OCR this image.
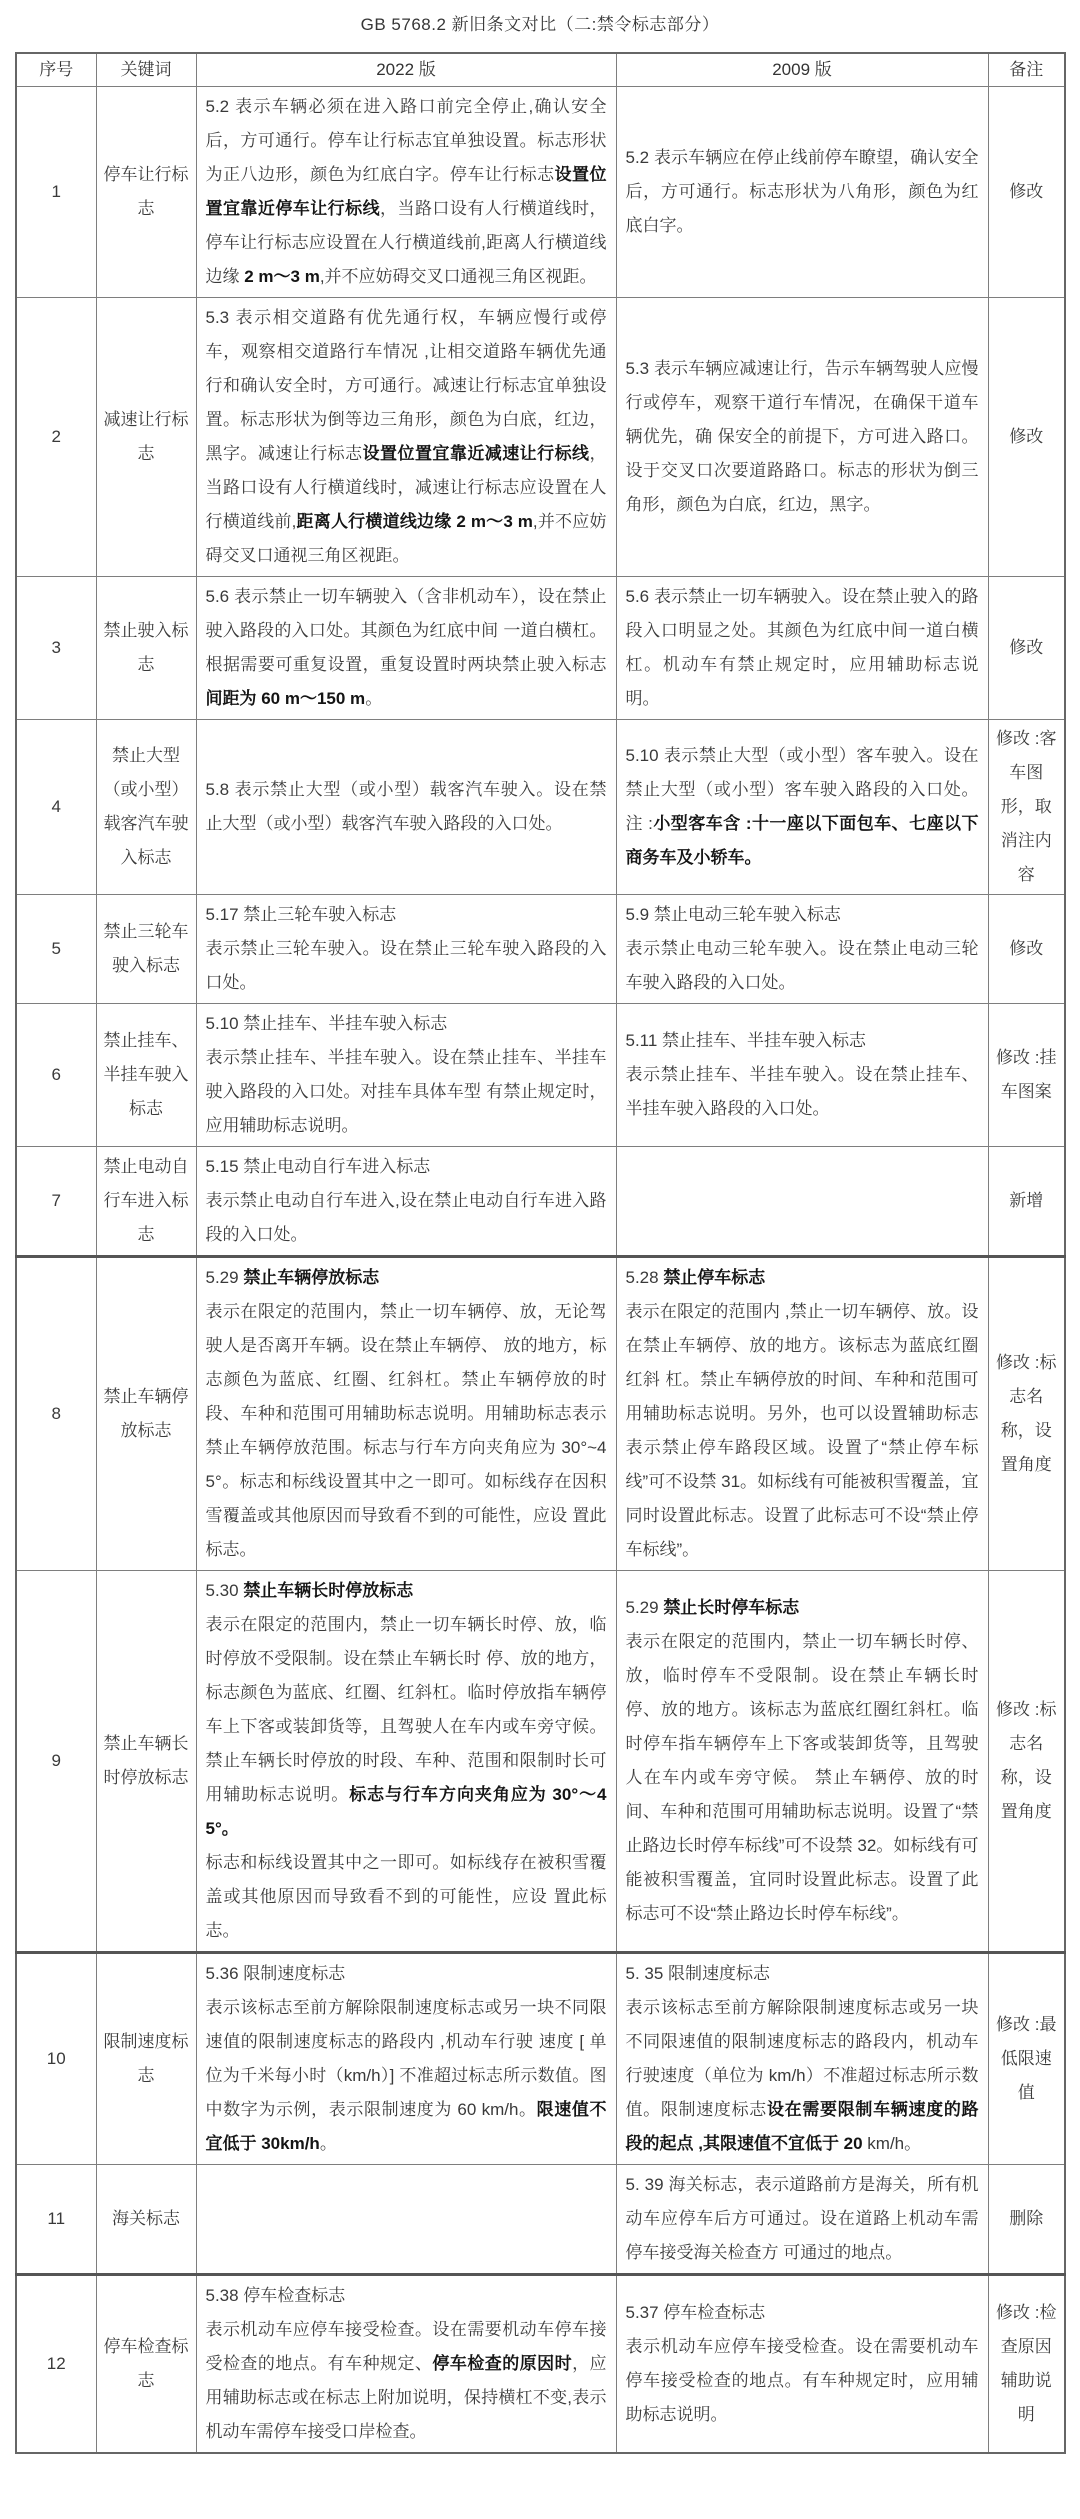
GB 5768.2 新旧条文对比（二:禁令标志部分）
序号	关键词	2022 版	2009 版	备注
1	停车让行标志	5.2 表示车辆必须在进入路口前完全停止,确认安全后，方可通行。停车让行标志宜单独设置。标志形状为正八边形，颜色为红底白字。停车让行标志设置位置宜靠近停车让行标线，当路口设有人行横道线时，停车让行标志应设置在人行横道线前,距离人行横道线边缘 2 m～3 m,并不应妨碍交叉口通视三角区视距。	5.2 表示车辆应在停止线前停车瞭望，确认安全后，方可通行。标志形状为八角形，颜色为红底白字。	修改
2	减速让行标志	5.3 表示相交道路有优先通行权，车辆应慢行或停车，观察相交道路行车情况 ,让相交道路车辆优先通 行和确认安全时，方可通行。减速让行标志宜单独设置。标志形状为倒等边三角形，颜色为白底，红边，黑字。减速让行标志设置位置宜靠近减速让行标线，当路口设有人行横道线时，减速让行标志应设置在人行横道线前,距离人行横道线边缘 2 m～3 m,并不应妨碍交叉口通视三角区视距。	5.3 表示车辆应减速让行，告示车辆驾驶人应慢行或停车，观察干道行车情况，在确保干道车辆优先，确 保安全的前提下，方可进入路口。设于交叉口次要道路路口。标志的形状为倒三角形，颜色为白底，红边，黑字。	修改
3	禁止驶入标志	5.6 表示禁止一切车辆驶入（含非机动车），设在禁止驶入路段的入口处。其颜色为红底中间 一道白横杠。根据需要可重复设置，重复设置时两块禁止驶入标志间距为 60 m～150 m。	5.6 表示禁止一切车辆驶入。设在禁止驶入的路段入口明显之处。其颜色为红底中间一道白横杠。机动车有禁止规定时，应用辅助标志说明。	修改
4	禁止大型（或小型）载客汽车驶入标志	5.8 表示禁止大型（或小型）载客汽车驶入。设在禁止大型（或小型）载客汽车驶入路段的入口处。	5.10 表示禁止大型（或小型）客车驶入。设在禁止大型（或小型）客车驶入路段的入口处。注 :小型客车含 :十一座以下面包车、七座以下商务车及小轿车。	修改 :客车图形，取消注内容
5	禁止三轮车驶入标志	5.17 禁止三轮车驶入标志
表示禁止三轮车驶入。设在禁止三轮车驶入路段的入口处。	5.9 禁止电动三轮车驶入标志
表示禁止电动三轮车驶入。设在禁止电动三轮车驶入路段的入口处。	修改
6	禁止挂车、半挂车驶入标志	5.10 禁止挂车、半挂车驶入标志
表示禁止挂车、半挂车驶入。设在禁止挂车、半挂车驶入路段的入口处。对挂车具体车型 有禁止规定时，应用辅助标志说明。	5.11 禁止挂车、半挂车驶入标志
表示禁止挂车、半挂车驶入。设在禁止挂车、半挂车驶入路段的入口处。	修改 :挂车图案
7	禁止电动自行车进入标志	5.15 禁止电动自行车进入标志
表示禁止电动自行车进入,设在禁止电动自行车进入路段的入口处。		新增
8	禁止车辆停放标志	5.29 禁止车辆停放标志
表示在限定的范围内，禁止一切车辆停、放，无论驾驶人是否离开车辆。设在禁止车辆停、 放的地方，标志颜色为蓝底、红圈、红斜杠。禁止车辆停放的时段、车种和范围可用辅助标志说明。用辅助标志表示禁止车辆停放范围。标志与行车方向夹角应为 30°~45°。标志和标线设置其中之一即可。如标线存在因积雪覆盖或其他原因而导致看不到的可能性，应设 置此标志。	5.28 禁止停车标志
表示在限定的范围内 ,禁止一切车辆停、放。设在禁止车辆停、放的地方。该标志为蓝底红圈红斜 杠。禁止车辆停放的时间、车种和范围可用辅助标志说明。另外，也可以设置辅助标志表示禁止停车路段区域。设置了“禁止停车标线”可不设禁 31。如标线有可能被积雪覆盖，宜同时设置此标志。设置了此标志可不设“禁止停车标线”。	修改 :标志名称，设置角度
9	禁止车辆长时停放标志	5.30 禁止车辆长时停放标志
表示在限定的范围内，禁止一切车辆长时停、放，临时停放不受限制。设在禁止车辆长时 停、放的地方，标志颜色为蓝底、红圈、红斜杠。临时停放指车辆停车上下客或装卸货等，且驾驶人在车内或车旁守候。禁止车辆长时停放的时段、车种、范围和限制时长可用辅助标志说明。标志与行车方向夹角应为 30°～45°。
标志和标线设置其中之一即可。如标线存在被积雪覆盖或其他原因而导致看不到的可能性，应设 置此标志。	5.29 禁止长时停车标志
表示在限定的范围内，禁止一切车辆长时停、放，临时停车不受限制。设在禁止车辆长时停、放的地方。该标志为蓝底红圈红斜杠。临时停车指车辆停车上下客或装卸货等，且驾驶人在车内或车旁守候。 禁止车辆停、放的时间、车种和范围可用辅助标志说明。设置了“禁止路边长时停车标线”可不设禁 32。如标线有可能被积雪覆盖，宜同时设置此标志。设置了此标志可不设“禁止路边长时停车标线”。	修改 :标志名称，设置角度
10	限制速度标志	5.36 限制速度标志
表示该标志至前方解除限制速度标志或另一块不同限速值的限制速度标志的路段内 ,机动车行驶 速度 [ 单位为千米每小时（km/h）] 不准超过标志所示数值。图中数字为示例，表示限制速度为 60 km/h。限速值不宜低于 30km/h。	5. 35 限制速度标志
表示该标志至前方解除限制速度标志或另一块不同限速值的限制速度标志的路段内，机动车行驶速度（单位为 km/h）不准超过标志所示数值。限制速度标志设在需要限制车辆速度的路段的起点 ,其限速值不宜低于 20 km/h。	修改 :最低限速值
11	海关标志		5. 39 海关标志，表示道路前方是海关，所有机动车应停车后方可通过。设在道路上机动车需停车接受海关检查方 可通过的地点。	删除
12	停车检查标志	5.38 停车检查标志
表示机动车应停车接受检查。设在需要机动车停车接受检查的地点。有车种规定、停车检查的原因时，应用辅助标志或在标志上附加说明，保持横杠不变,表示机动车需停车接受口岸检查。	5.37 停车检查标志
表示机动车应停车接受检查。设在需要机动车停车接受检查的地点。有车种规定时，应用辅助标志说明。	修改 :检查原因辅助说明
